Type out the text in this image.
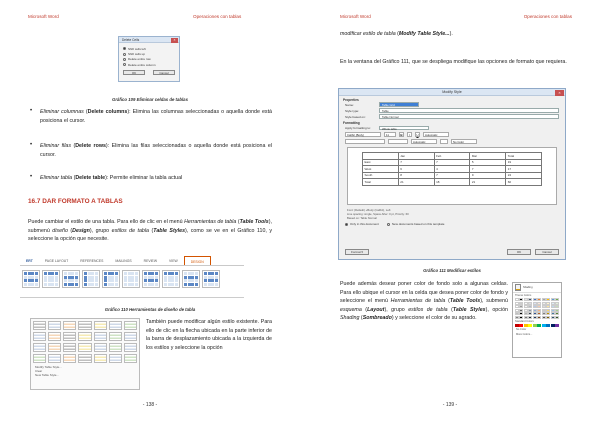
Microsoft Word	Operaciones con tablas
Delete Cells	×
Shift cells left
Shift cells up
Delete entire row
Delete entire column
OK	Cancel
Gráfico 109 Eliminar celdas de tablas
• Eliminar columnas (Delete columns): Elimina las columnas seleccionadas o aquella donde está posiciona el cursor.
• Eliminar filas (Delete rows): Elimina las filas seleccionadas o aquella donde está posiciona el cursor.
• Eliminar tabla (Delete table): Permite eliminar la tabla actual
16.7 DAR FORMATO A TABLAS
Puede cambiar el estilo de una tabla. Para ello de clic en el menú Herramientas de tabla (Table Tools), submenú diseño (Design), grupo estilos de tabla (Table Styles), como se ve en el Gráfico 110, y seleccione la opción que necesite.
ERT	PAGE LAYOUT	REFERENCES	MAILINGS	REVIEW	VIEW	DESIGN
Gráfico 110 Herramientas de diseño de tabla
Modify Table Style...
Clear
New Table Style...
También puede modificar algún estilo existente. Para ello de clic en la flecha ubicada en la parte inferior de la barra de desplazamiento ubicada a la izquierda de los estilos y seleccione la opción
- 138 -
Microsoft Word	Operaciones con tablas
modificar estilo de tabla (Modify Table Style...).
En la ventana del Gráfico 111, que se despliega modifique las opciones de formato que requiera.
Modify Style	×
Properties
Name:	Table Grid
Style type:	Table
Style based on:	Table Normal
Formatting
Apply formatting to:	Whole table
Calibri (Body)	11	B	I	U	Automatic
Automatic	No Color
	Jan	Feb	Mar	Total
East	7	7	5	19
West	6	4	7	17
South	8	7	9	24
Total	21	18	21	60
Font: (Default) +Body (Calibri), Left
Line spacing: single, Space After: 0 pt, Priority: 60
Based on: Table Normal
Only in this document	New documents based on this template
Format ▾	OK	Cancel
Gráfico 111 Modificar estilos
Puede además desear poner color de fondo solo a algunas celdas. Para ello ubique el cursor en la celda que desea poner color de fondo y seleccione el menú Herramientas de tabla (Table Tools), submenú esquema (Layout), grupo estilos de tabla (Table Styles), opción Shading (Sombreado) y seleccione el color de su agrado.
Shading
Theme Colors
Standard Colors
No Color
More Colors...
- 139 -
